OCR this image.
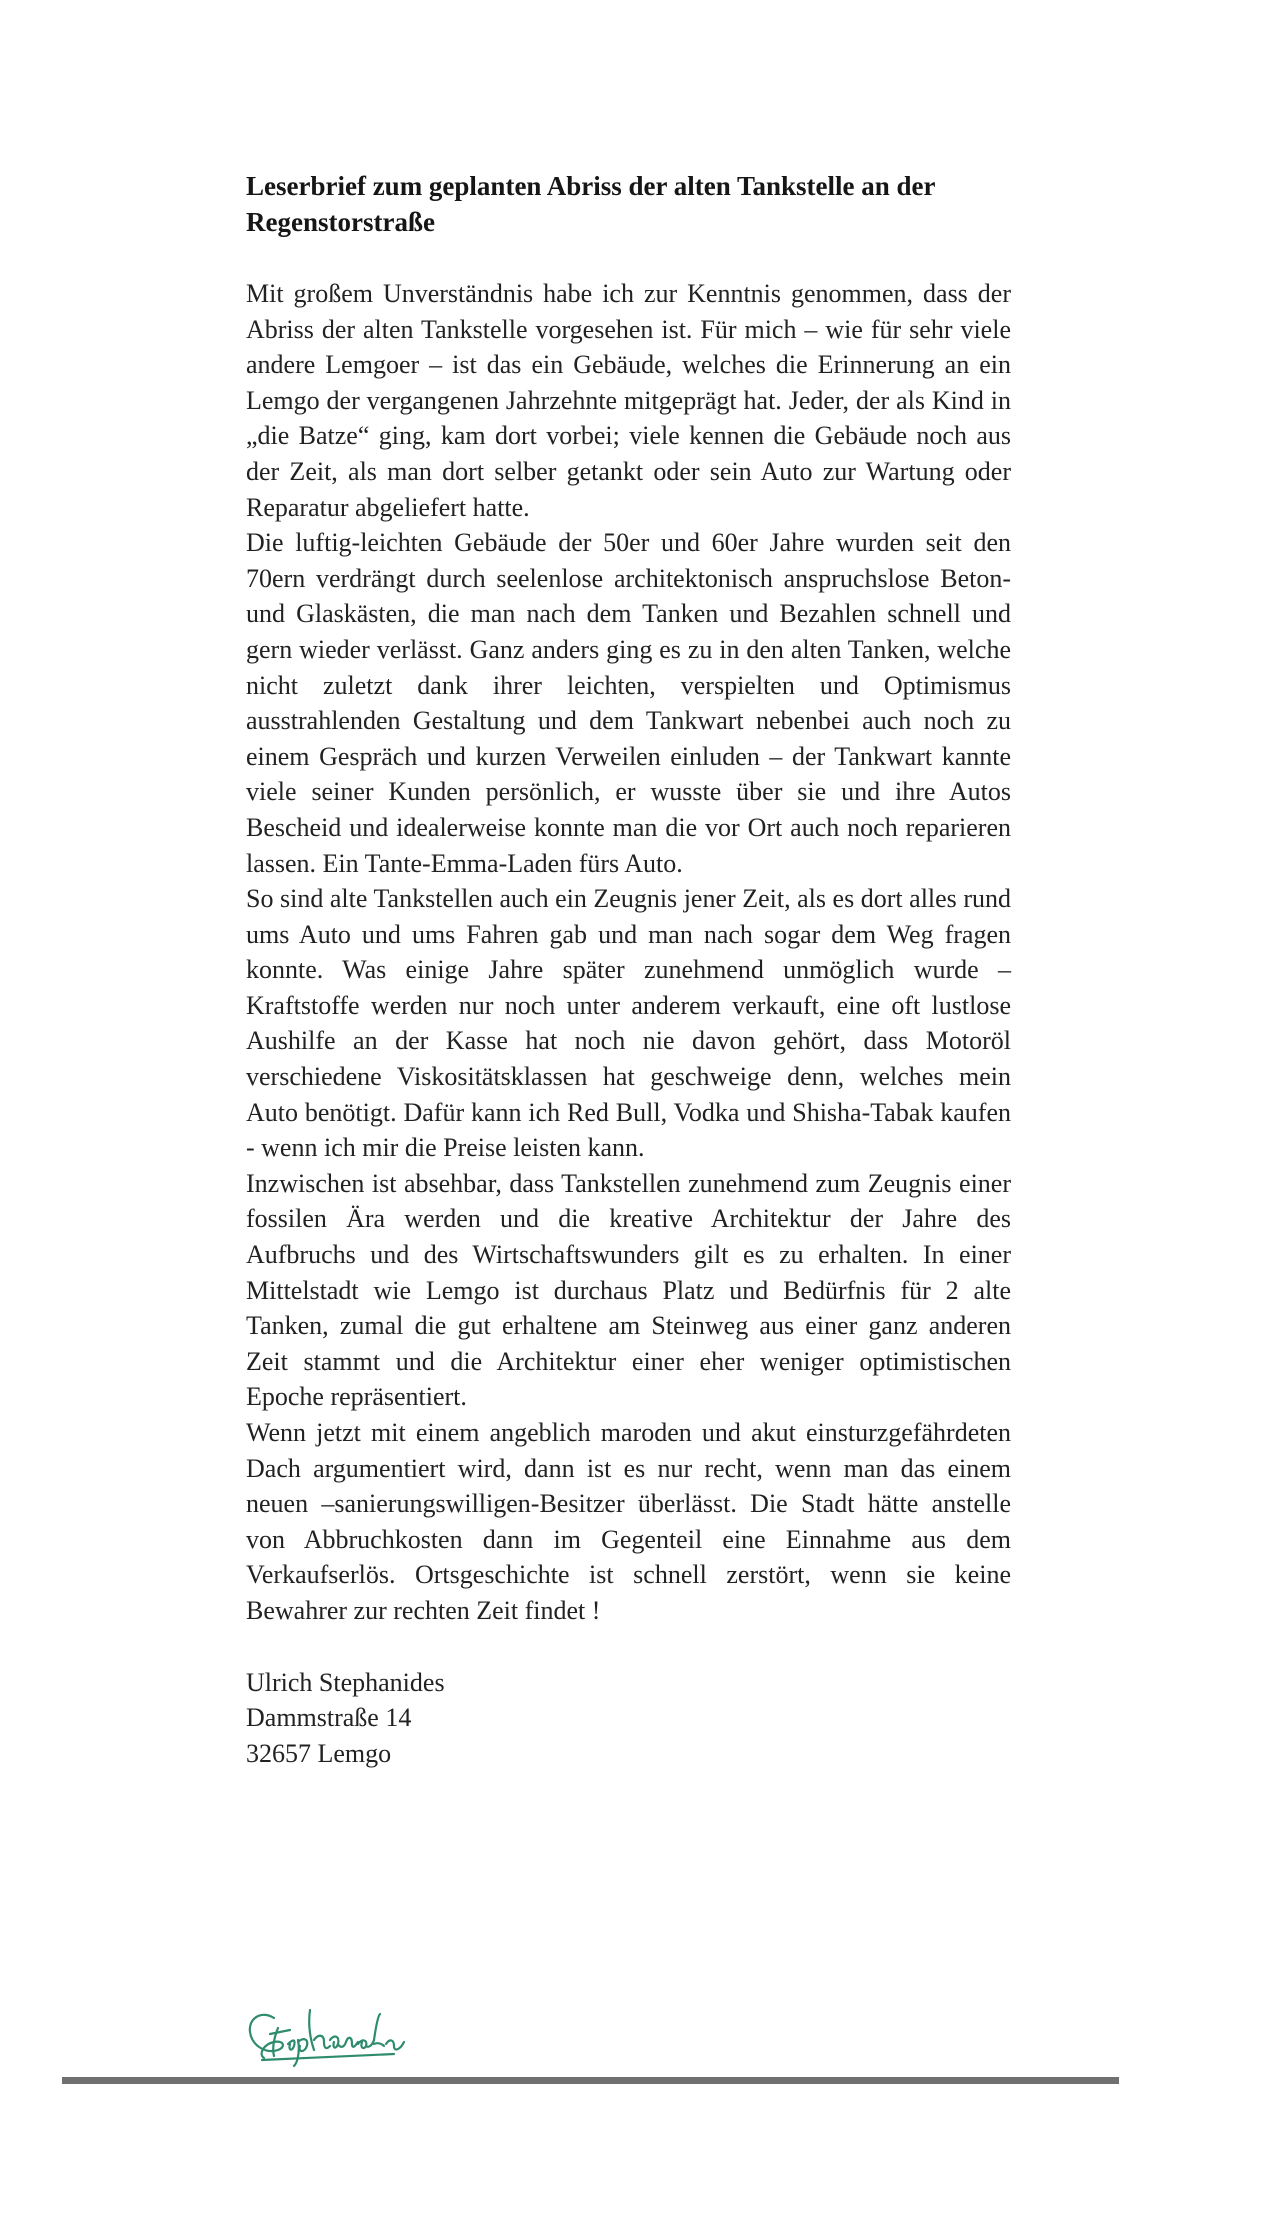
Leserbrief zum geplanten Abriss der alten Tankstelle an der Regenstorstraße

Mit großem Unverständnis habe ich zur Kenntnis genommen, dass der Abriss der alten Tankstelle vorgesehen ist. Für mich – wie für sehr viele andere Lemgoer – ist das ein Gebäude, welches die Erinnerung an ein Lemgo der vergangenen Jahrzehnte mitgeprägt hat. Jeder, der als Kind in „die Batze“ ging, kam dort vorbei; viele kennen die Gebäude noch aus der Zeit, als man dort selber getankt oder sein Auto zur Wartung oder Reparatur abgeliefert hatte.

Die luftig-leichten Gebäude der 50er und 60er Jahre wurden seit den 70ern verdrängt durch seelenlose architektonisch anspruchslose Beton- und Glaskästen, die man nach dem Tanken und Bezahlen schnell und gern wieder verlässt. Ganz anders ging es zu in den alten Tanken, welche nicht zuletzt dank ihrer leichten, verspielten und Optimismus ausstrahlenden Gestaltung und dem Tankwart nebenbei auch noch zu einem Gespräch und kurzen Verweilen einluden – der Tankwart kannte viele seiner Kunden persönlich, er wusste über sie und ihre Autos Bescheid und idealerweise konnte man die vor Ort auch noch reparieren lassen. Ein Tante-Emma-Laden fürs Auto.

So sind alte Tankstellen auch ein Zeugnis jener Zeit, als es dort alles rund ums Auto und ums Fahren gab und man nach sogar dem Weg fragen konnte. Was einige Jahre später zunehmend unmöglich wurde – Kraftstoffe werden nur noch unter anderem verkauft, eine oft lustlose Aushilfe an der Kasse hat noch nie davon gehört, dass Motoröl verschiedene Viskositätsklassen hat geschweige denn, welches mein Auto benötigt. Dafür kann ich Red Bull, Vodka und Shisha-Tabak kaufen - wenn ich mir die Preise leisten kann.

Inzwischen ist absehbar, dass Tankstellen zunehmend zum Zeugnis einer fossilen Ära werden und die kreative Architektur der Jahre des Aufbruchs und des Wirtschaftswunders gilt es zu erhalten. In einer Mittelstadt wie Lemgo ist durchaus Platz und Bedürfnis für 2 alte Tanken, zumal die gut erhaltene am Steinweg aus einer ganz anderen Zeit stammt und die Architektur einer eher weniger optimistischen Epoche repräsentiert.

Wenn jetzt mit einem angeblich maroden und akut einsturzgefährdeten Dach argumentiert wird, dann ist es nur recht, wenn man das einem neuen –sanierungswilligen-Besitzer überlässt. Die Stadt hätte anstelle von Abbruchkosten dann im Gegenteil eine Einnahme aus dem Verkaufserlös. Ortsgeschichte ist schnell zerstört, wenn sie keine Bewahrer zur rechten Zeit findet !

Ulrich Stephanides
Dammstraße 14
32657 Lemgo
